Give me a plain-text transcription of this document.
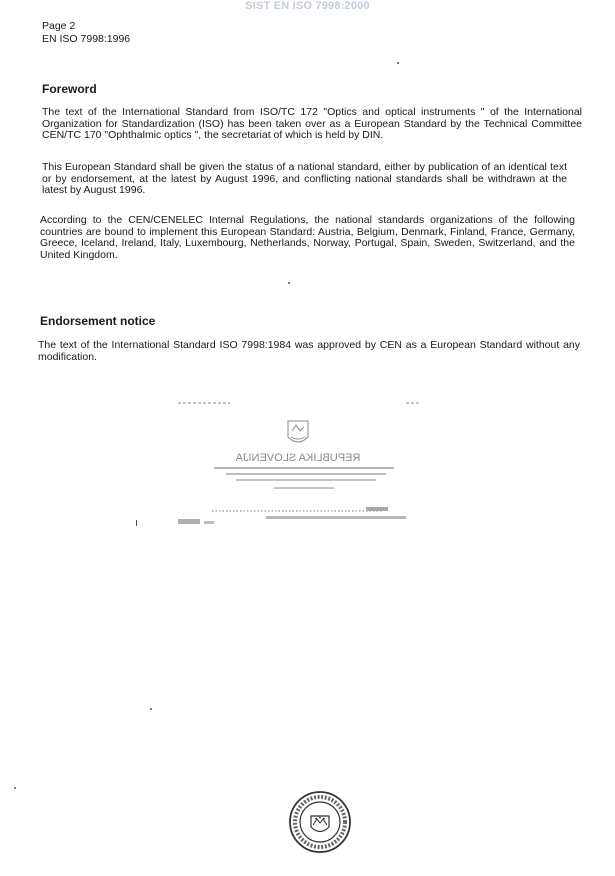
SIST EN ISO 7998:2000
Page 2
EN ISO 7998:1996
Foreword

The text of the International Standard from ISO/TC 172 "Optics and optical instruments " of the International Organization for Standardization (ISO) has been taken over as a European Standard by the Technical Committee CEN/TC 170 "Ophthalmic optics ", the secretariat of which is held by DIN.

This European Standard shall be given the status of a national standard, either by publication of an identical text or by endorsement, at the latest by August 1996, and conflicting national standards shall be withdrawn at the latest by August 1996.

According to the CEN/CENELEC Internal Regulations, the national standards organizations of the following countries are bound to implement this European Standard: Austria, Belgium, Denmark, Finland, France, Germany, Greece, Iceland, Ireland, Italy, Luxembourg, Netherlands, Norway, Portugal, Spain, Sweden, Switzerland, and the United Kingdom.

Endorsement notice

The text of the International Standard ISO 7998:1984 was approved by CEN as a European Standard without any modification.

REPUBLIKA SLOVENIJA
